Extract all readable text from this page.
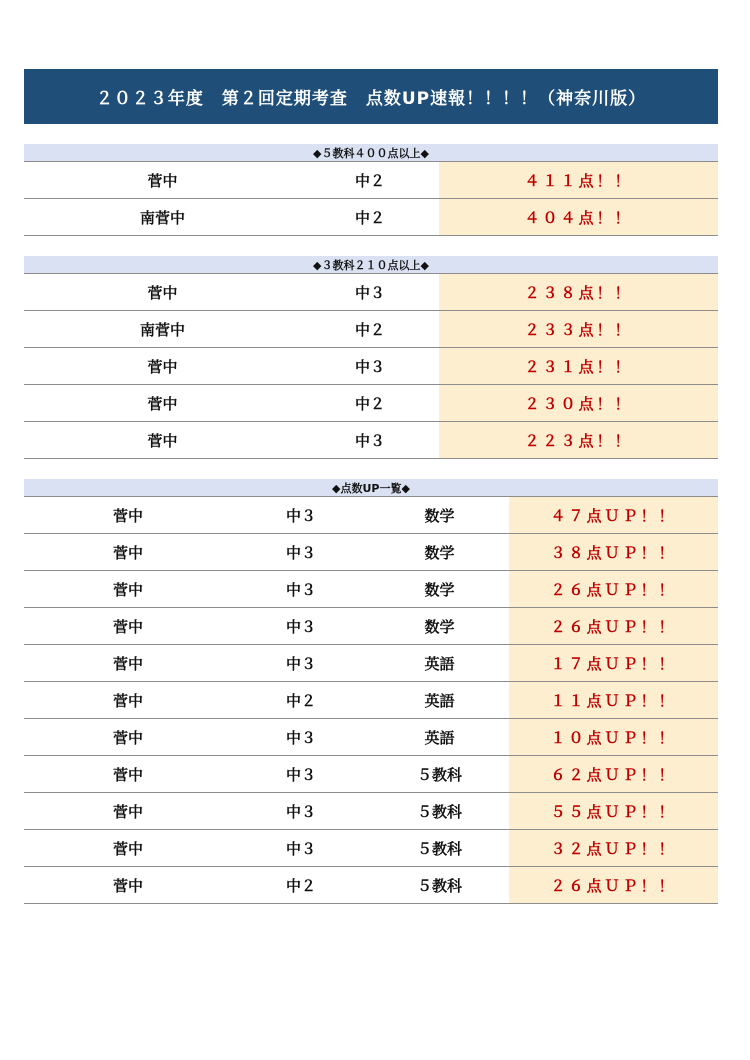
２０２３年度　第２回定期考査　点数UP速報！！！！（神奈川版）
◆５教科４００点以上◆
菅中	中２	４１１点！！
南菅中	中２	４０４点！！
◆３教科２１０点以上◆
菅中	中３	２３８点！！
南菅中	中２	２３３点！！
菅中	中３	２３１点！！
菅中	中２	２３０点！！
菅中	中３	２２３点！！
◆点数UP一覧◆
菅中	中３	数学	４７点ＵＰ！！
菅中	中３	数学	３８点ＵＰ！！
菅中	中３	数学	２６点ＵＰ！！
菅中	中３	数学	２６点ＵＰ！！
菅中	中３	英語	１７点ＵＰ！！
菅中	中２	英語	１１点ＵＰ！！
菅中	中３	英語	１０点ＵＰ！！
菅中	中３	５教科	６２点ＵＰ！！
菅中	中３	５教科	５５点ＵＰ！！
菅中	中３	５教科	３２点ＵＰ！！
菅中	中２	５教科	２６点ＵＰ！！
